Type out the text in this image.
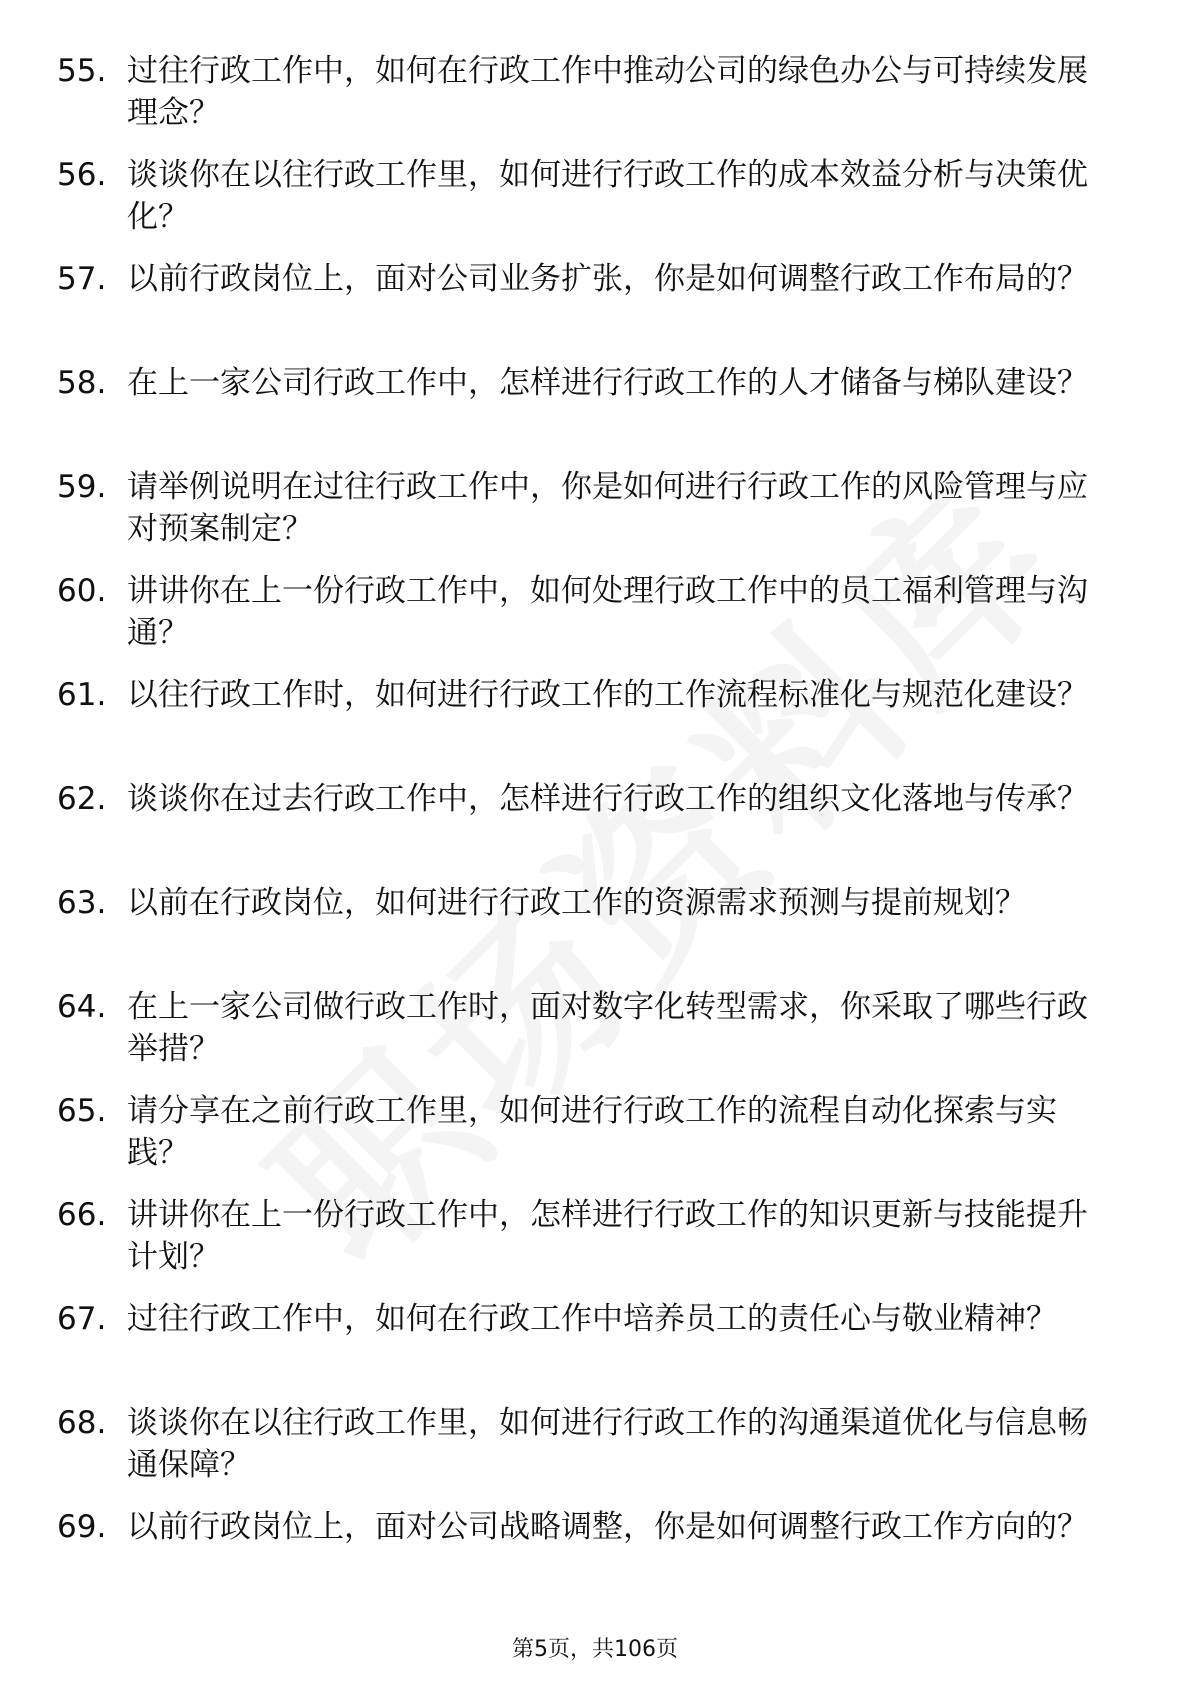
55. 过往行政工作中，如何在行政工作中推动公司的绿色办公与可持续发展理念？
56. 谈谈你在以往行政工作里，如何进行行政工作的成本效益分析与决策优化？
57. 以前行政岗位上，面对公司业务扩张，你是如何调整行政工作布局的？
58. 在上一家公司行政工作中，怎样进行行政工作的人才储备与梯队建设？
59. 请举例说明在过往行政工作中，你是如何进行行政工作的风险管理与应对预案制定？
60. 讲讲你在上一份行政工作中，如何处理行政工作中的员工福利管理与沟通？
61. 以往行政工作时，如何进行行政工作的工作流程标准化与规范化建设？
62. 谈谈你在过去行政工作中，怎样进行行政工作的组织文化落地与传承？
63. 以前在行政岗位，如何进行行政工作的资源需求预测与提前规划？
64. 在上一家公司做行政工作时，面对数字化转型需求，你采取了哪些行政举措？
65. 请分享在之前行政工作里，如何进行行政工作的流程自动化探索与实践？
66. 讲讲你在上一份行政工作中，怎样进行行政工作的知识更新与技能提升计划？
67. 过往行政工作中，如何在行政工作中培养员工的责任心与敬业精神？
68. 谈谈你在以往行政工作里，如何进行行政工作的沟通渠道优化与信息畅通保障？
69. 以前行政岗位上，面对公司战略调整，你是如何调整行政工作方向的？
第5页，共106页
